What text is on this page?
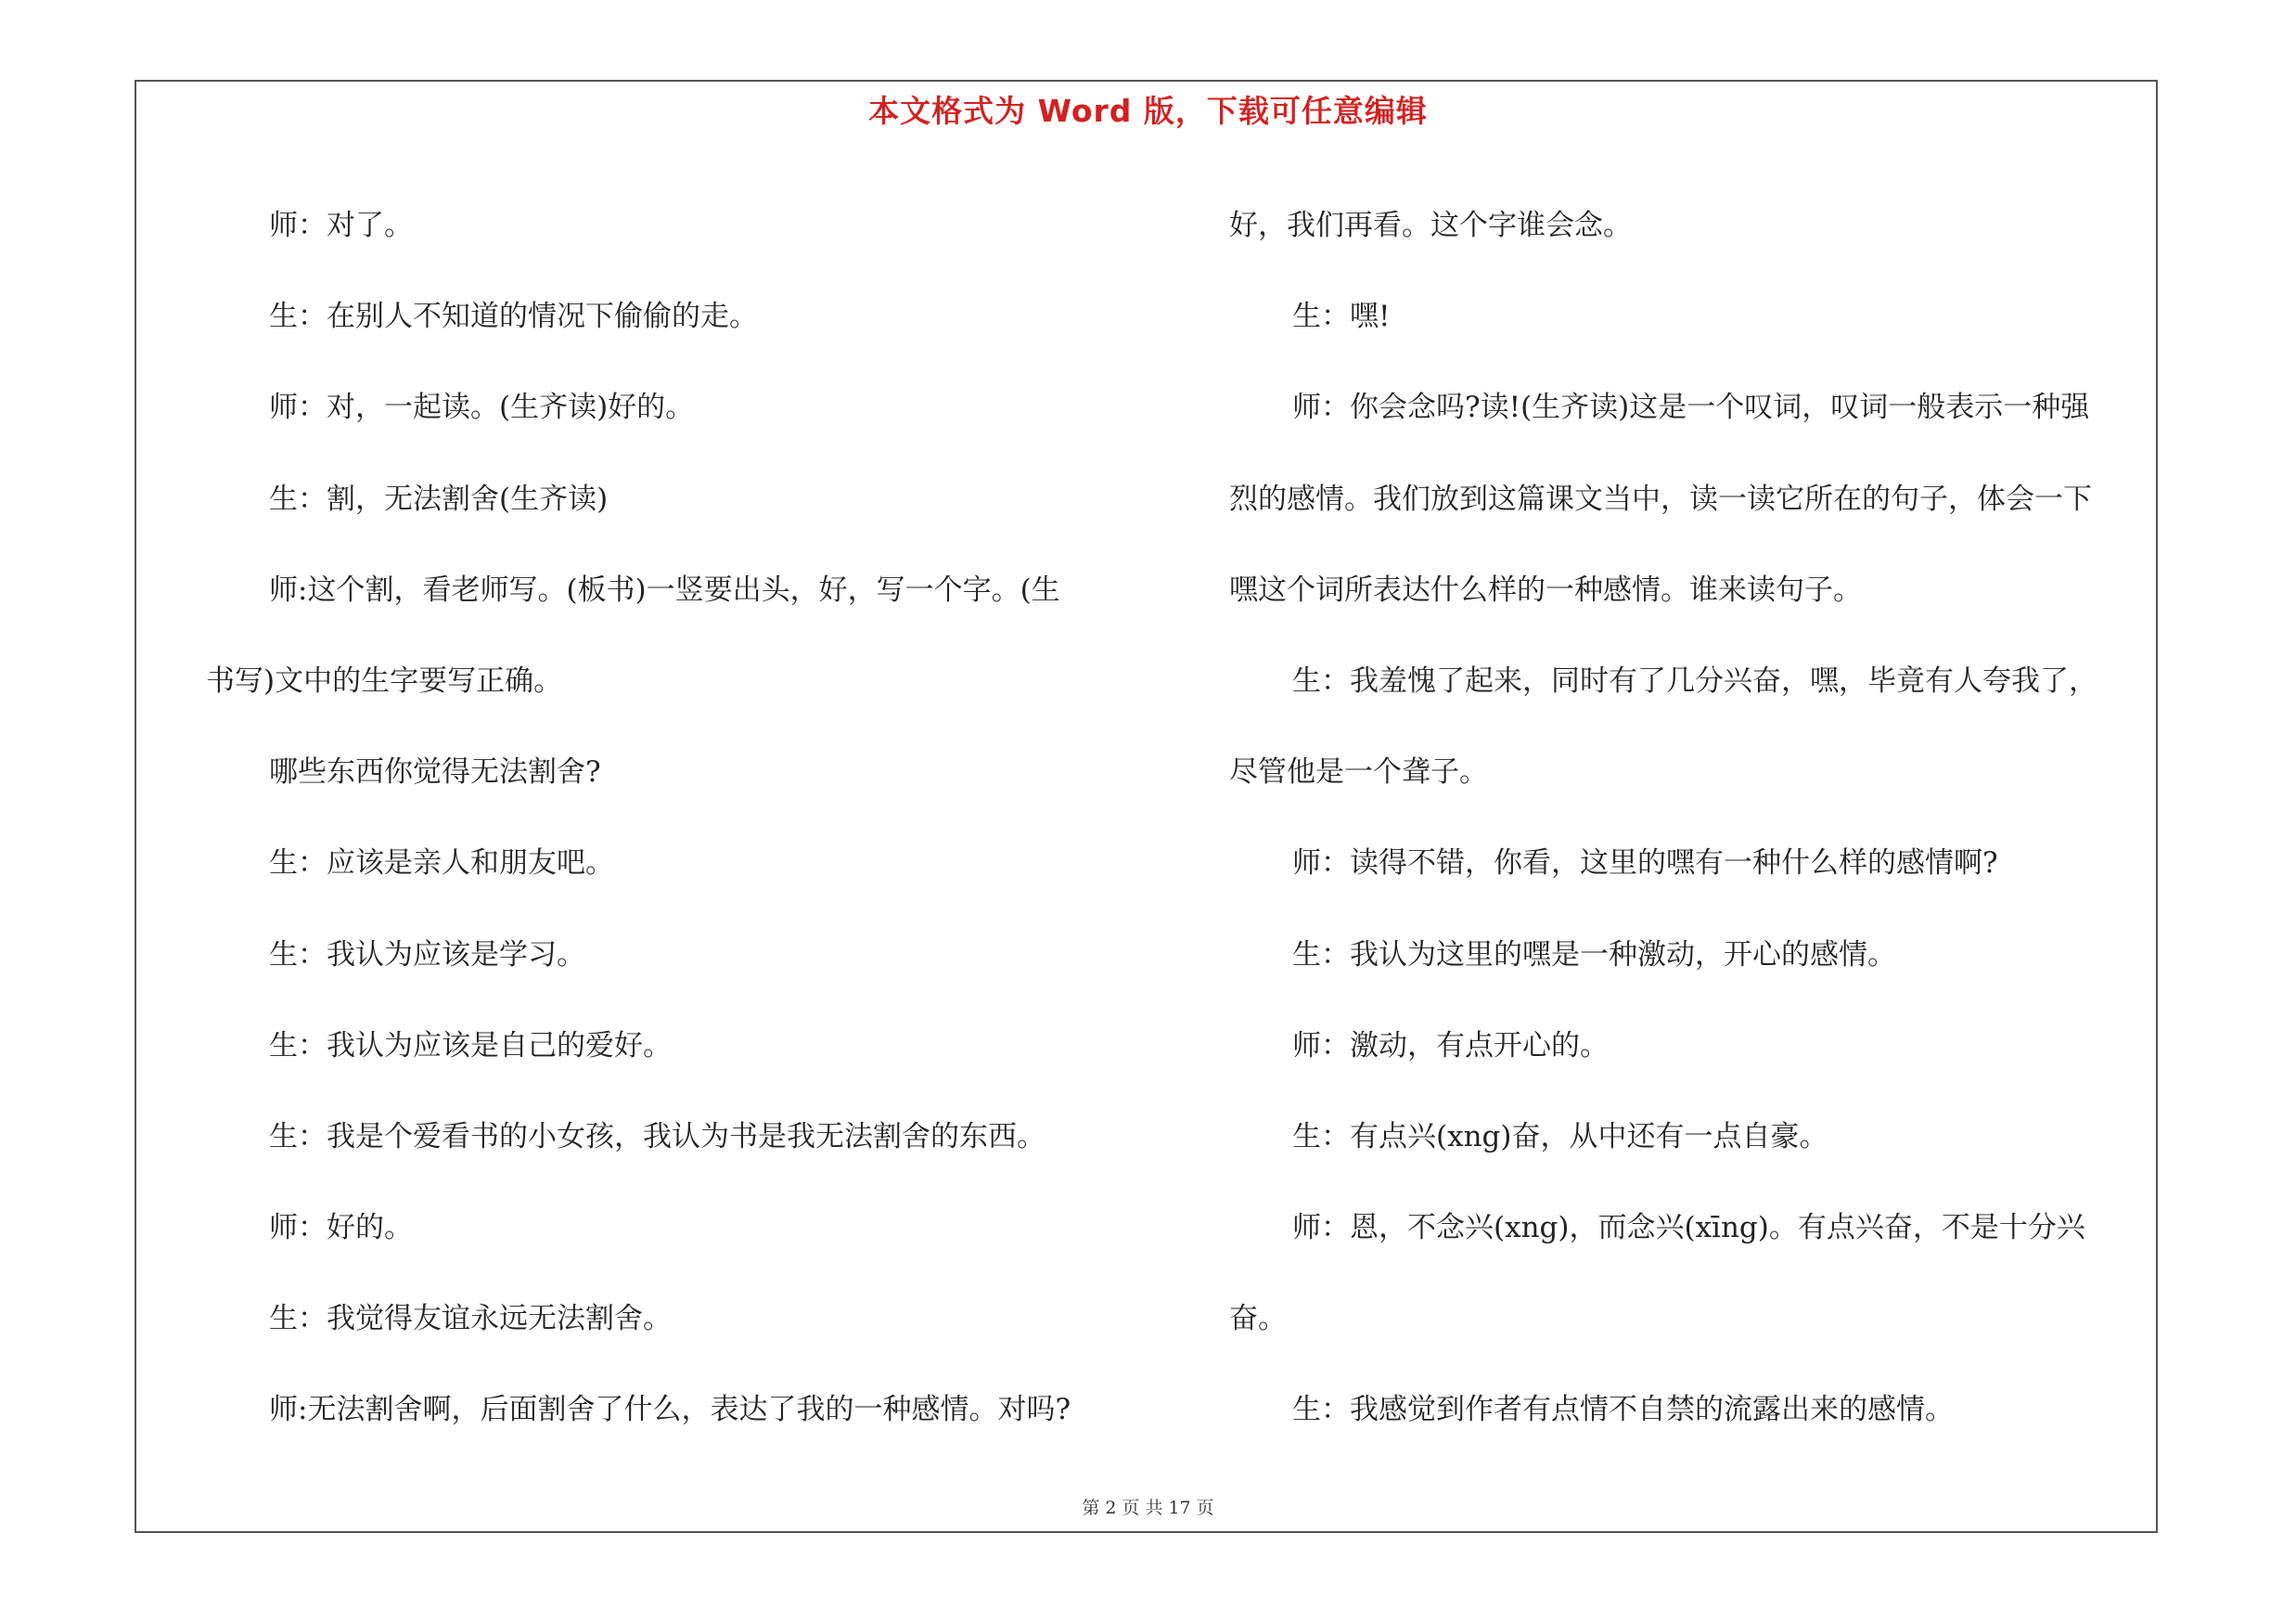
本文格式为 Word 版，下载可任意编辑
师：对了。
生：在别人不知道的情况下偷偷的走。
师：对，一起读。(生齐读)好的。
生：割，无法割舍(生齐读)
师:这个割，看老师写。(板书)一竖要出头，好，写一个字。(生
书写)文中的生字要写正确。
哪些东西你觉得无法割舍?
生：应该是亲人和朋友吧。
生：我认为应该是学习。
生：我认为应该是自己的爱好。
生：我是个爱看书的小女孩，我认为书是我无法割舍的东西。
师：好的。
生：我觉得友谊永远无法割舍。
师:无法割舍啊，后面割舍了什么，表达了我的一种感情。对吗?
好，我们再看。这个字谁会念。
生：嘿!
师：你会念吗?读!(生齐读)这是一个叹词，叹词一般表示一种强
烈的感情。我们放到这篇课文当中，读一读它所在的句子，体会一下
嘿这个词所表达什么样的一种感情。谁来读句子。
生：我羞愧了起来，同时有了几分兴奋，嘿，毕竟有人夸我了，
尽管他是一个聋子。
师：读得不错，你看，这里的嘿有一种什么样的感情啊?
生：我认为这里的嘿是一种激动，开心的感情。
师：激动，有点开心的。
生：有点兴(xng)奋，从中还有一点自豪。
师：恩，不念兴(xng)，而念兴(xīng)。有点兴奋，不是十分兴
奋。
生：我感觉到作者有点情不自禁的流露出来的感情。
第 2 页 共 17 页
